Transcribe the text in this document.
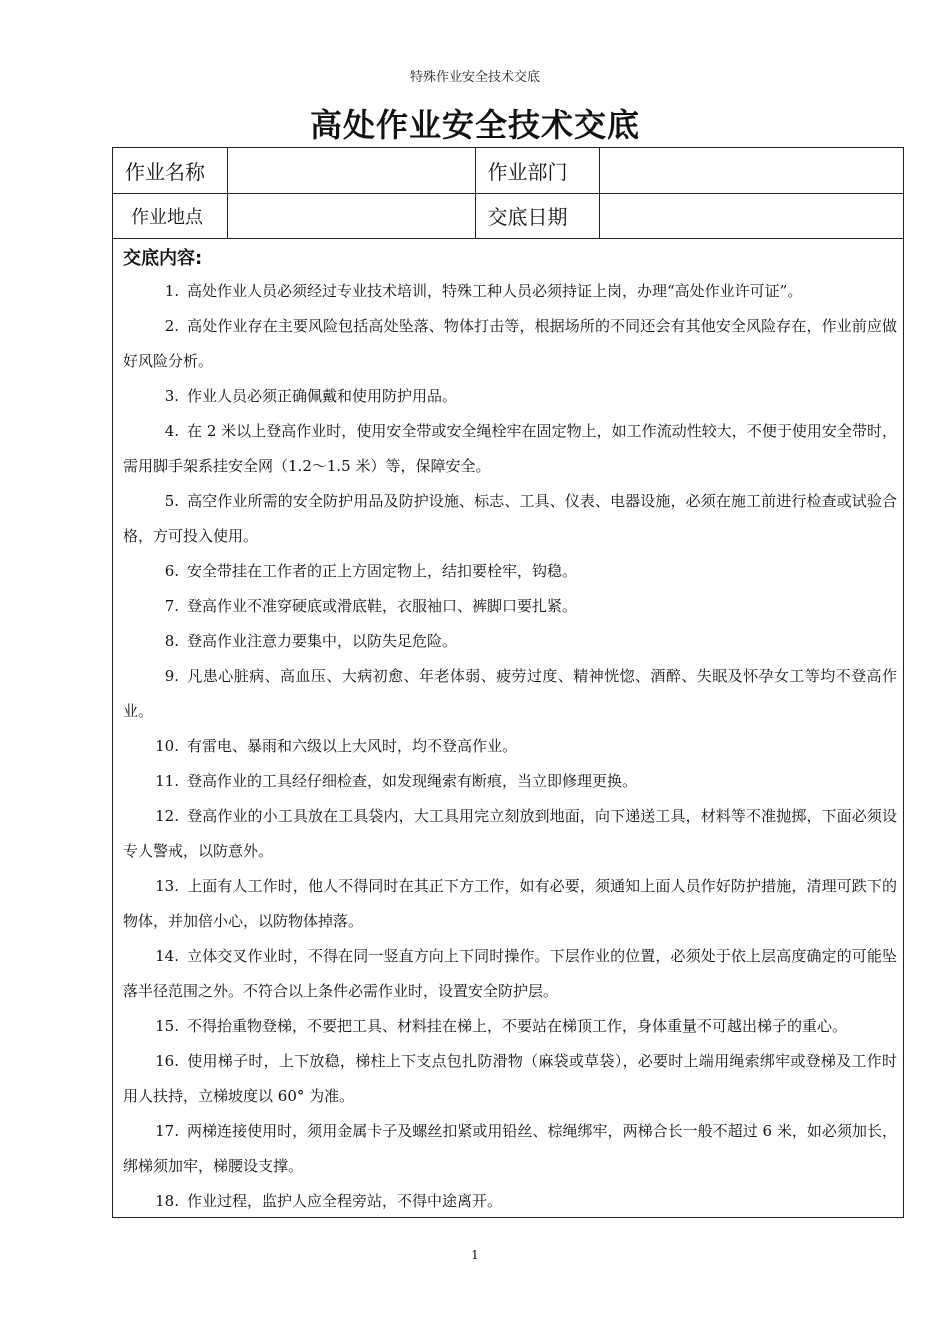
特殊作业安全技术交底
高处作业安全技术交底
作业名称		作业部门	
作业地点		交底日期	
交底内容:

1. 高处作业人员必须经过专业技术培训，特殊工种人员必须持证上岗，办理“高处作业许可证”。

2. 高处作业存在主要风险包括高处坠落、物体打击等，根据场所的不同还会有其他安全风险存在，作业前应做好风险分析。

3. 作业人员必须正确佩戴和使用防护用品。

4. 在 2 米以上登高作业时，使用安全带或安全绳栓牢在固定物上，如工作流动性较大，不便于使用安全带时，需用脚手架系挂安全网（1.2～1.5 米）等，保障安全。

5. 高空作业所需的安全防护用品及防护设施、标志、工具、仪表、电器设施，必须在施工前进行检查或试验合格，方可投入使用。

6. 安全带挂在工作者的正上方固定物上，结扣要栓牢，钩稳。

7. 登高作业不准穿硬底或滑底鞋，衣服袖口、裤脚口要扎紧。

8. 登高作业注意力要集中，以防失足危险。

9. 凡患心脏病、高血压、大病初愈、年老体弱、疲劳过度、精神恍惚、酒醉、失眠及怀孕女工等均不登高作业。

10. 有雷电、暴雨和六级以上大风时，均不登高作业。

11. 登高作业的工具经仔细检查，如发现绳索有断痕，当立即修理更换。

12. 登高作业的小工具放在工具袋内，大工具用完立刻放到地面，向下递送工具，材料等不准抛掷，下面必须设专人警戒，以防意外。

13. 上面有人工作时，他人不得同时在其正下方工作，如有必要，须通知上面人员作好防护措施，清理可跌下的物体，并加倍小心，以防物体掉落。

14. 立体交叉作业时，不得在同一竖直方向上下同时操作。下层作业的位置，必须处于依上层高度确定的可能坠落半径范围之外。不符合以上条件必需作业时，设置安全防护层。

15. 不得抬重物登梯，不要把工具、材料挂在梯上，不要站在梯顶工作，身体重量不可越出梯子的重心。

16. 使用梯子时，上下放稳，梯柱上下支点包扎防滑物（麻袋或草袋），必要时上端用绳索绑牢或登梯及工作时用人扶持，立梯坡度以 60° 为准。

17. 两梯连接使用时，须用金属卡子及螺丝扣紧或用铅丝、棕绳绑牢，两梯合长一般不超过 6 米，如必须加长，绑梯须加牢，梯腰设支撑。

18. 作业过程，监护人应全程旁站，不得中途离开。

1
